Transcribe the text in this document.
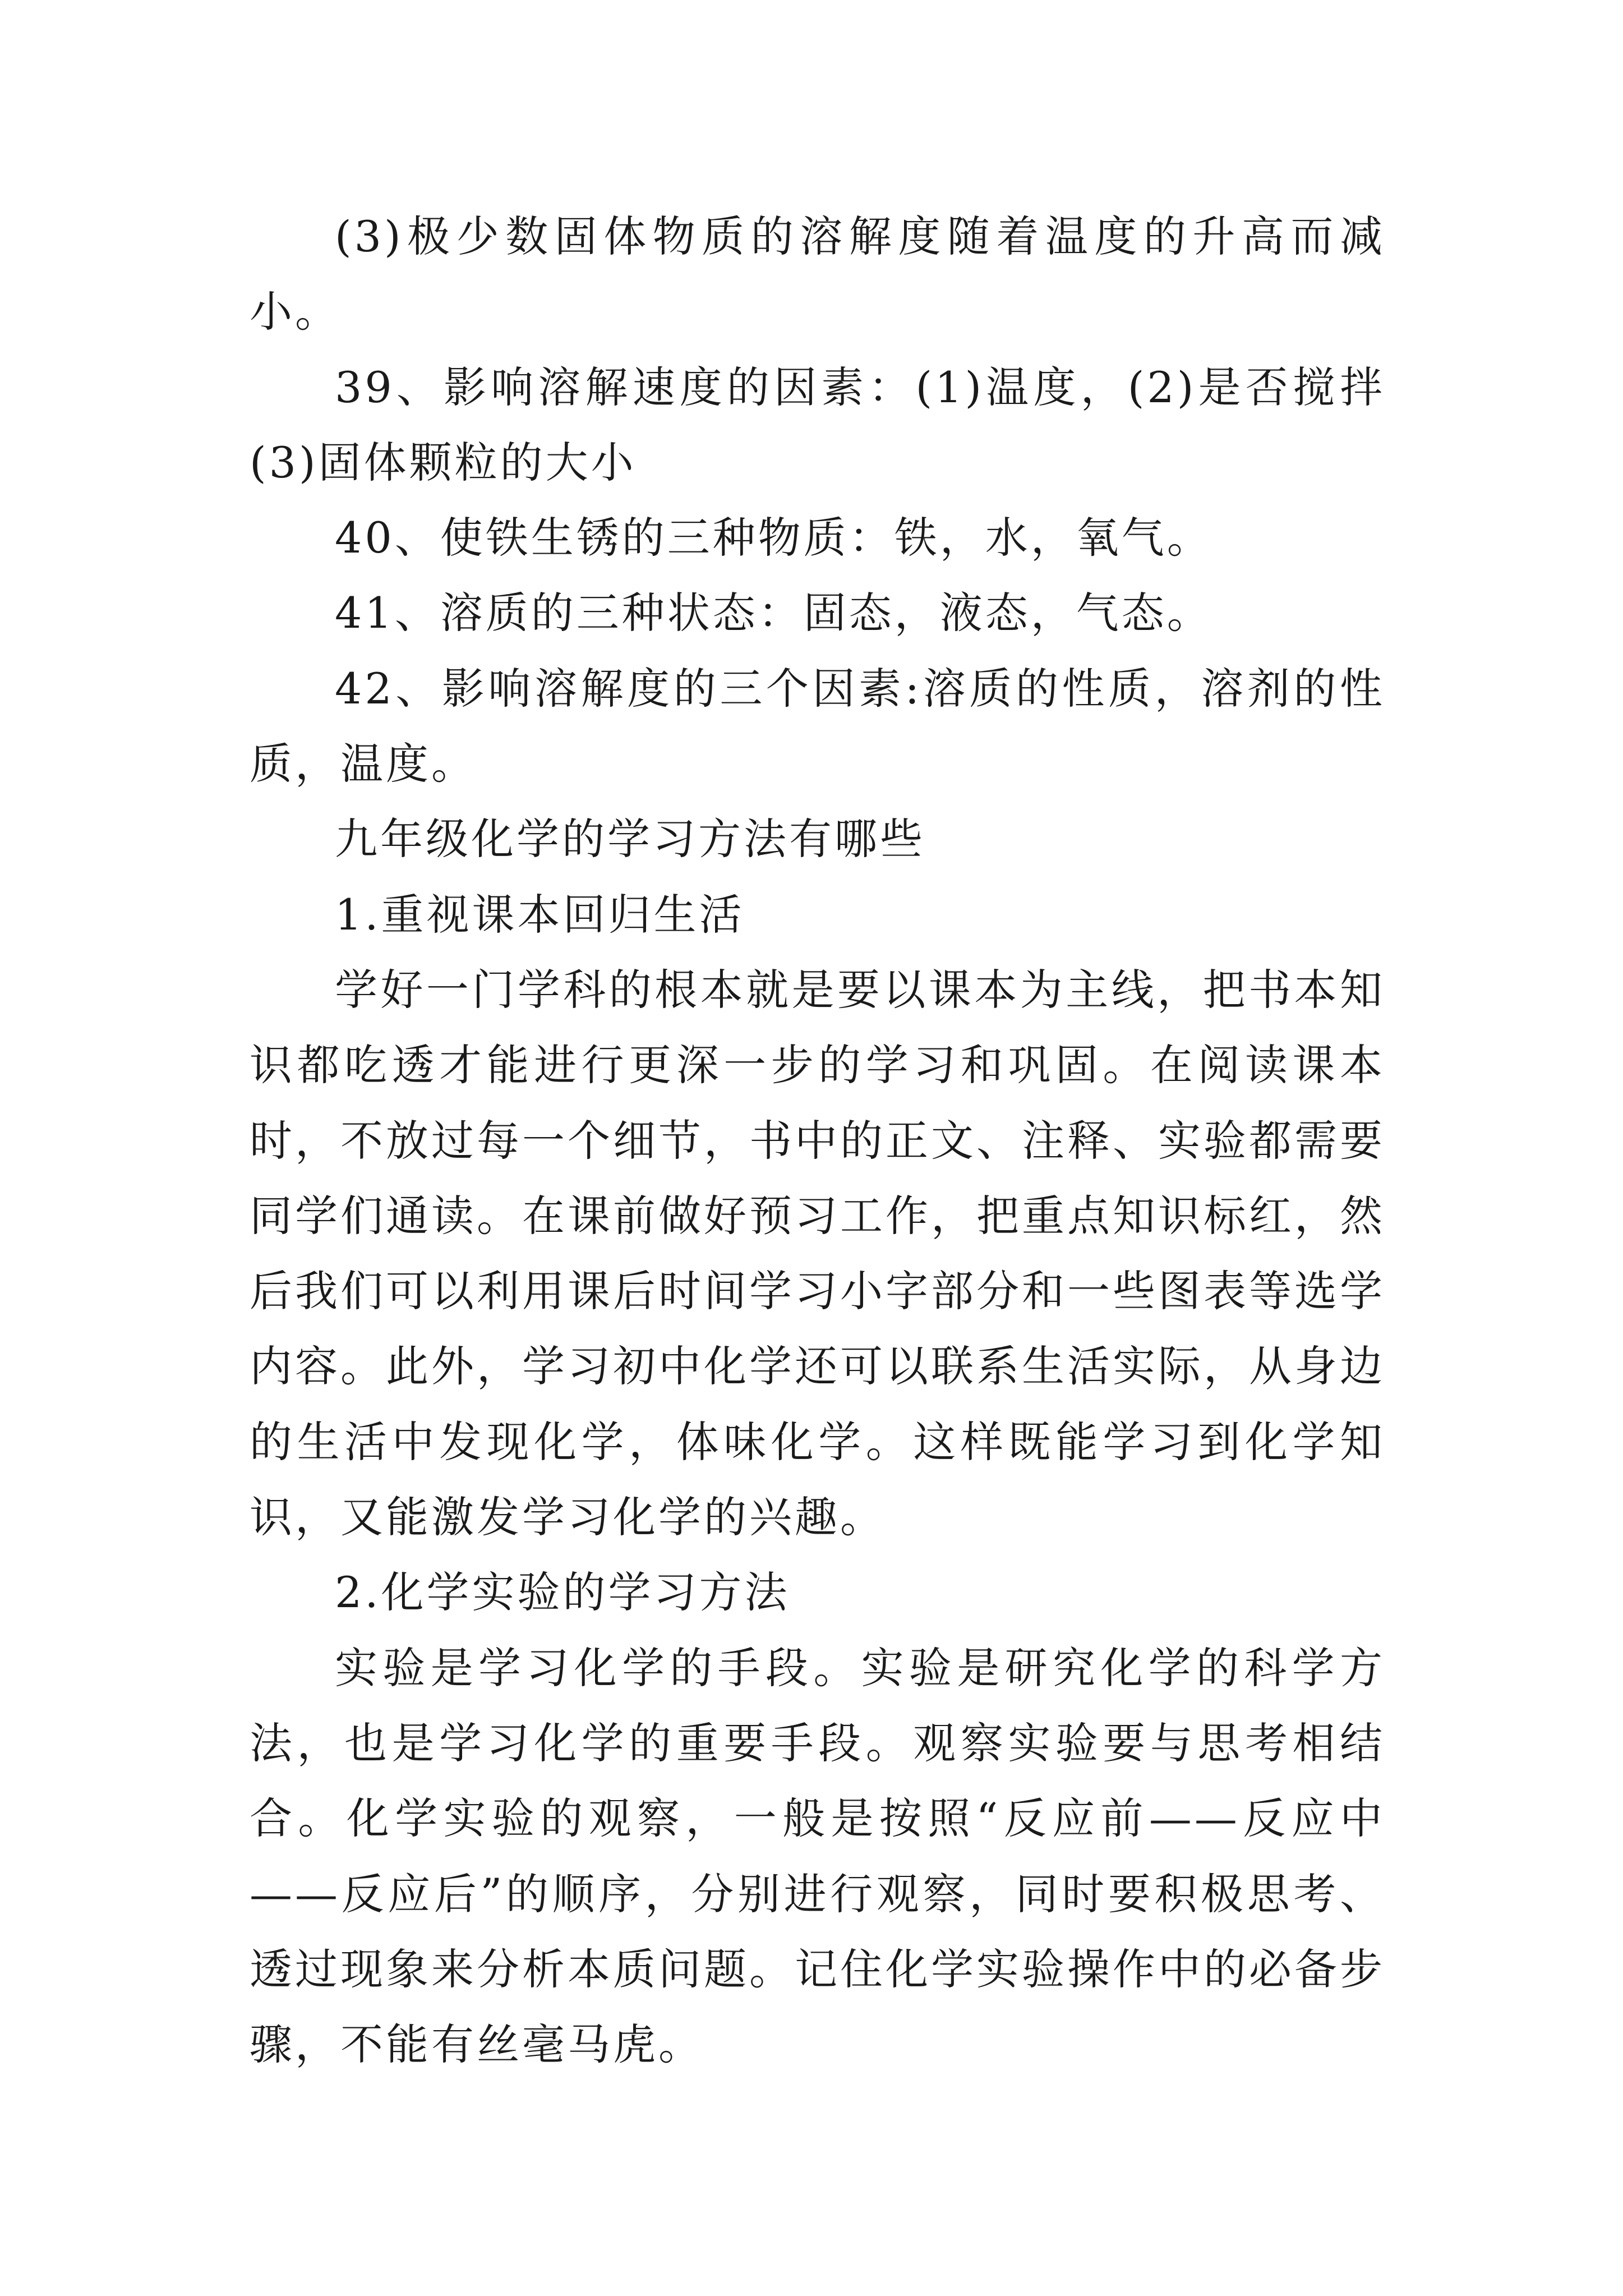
(3)极少数固体物质的溶解度随着温度的升高而减小。

39、影响溶解速度的因素：(1)温度，(2)是否搅拌(3)固体颗粒的大小

40、使铁生锈的三种物质：铁，水，氧气。

41、溶质的三种状态：固态，液态，气态。

42、影响溶解度的三个因素:溶质的性质，溶剂的性质，温度。

九年级化学的学习方法有哪些

1.重视课本回归生活

学好一门学科的根本就是要以课本为主线，把书本知识都吃透才能进行更深一步的学习和巩固。在阅读课本时，不放过每一个细节，书中的正文、注释、实验都需要同学们通读。在课前做好预习工作，把重点知识标红，然后我们可以利用课后时间学习小字部分和一些图表等选学内容。此外，学习初中化学还可以联系生活实际，从身边的生活中发现化学，体味化学。这样既能学习到化学知识，又能激发学习化学的兴趣。

2.化学实验的学习方法

实验是学习化学的手段。实验是研究化学的科学方法，也是学习化学的重要手段。观察实验要与思考相结合。化学实验的观察，一般是按照“反应前——反应中——反应后”的顺序，分别进行观察，同时要积极思考、透过现象来分析本质问题。记住化学实验操作中的必备步骤，不能有丝毫马虎。
